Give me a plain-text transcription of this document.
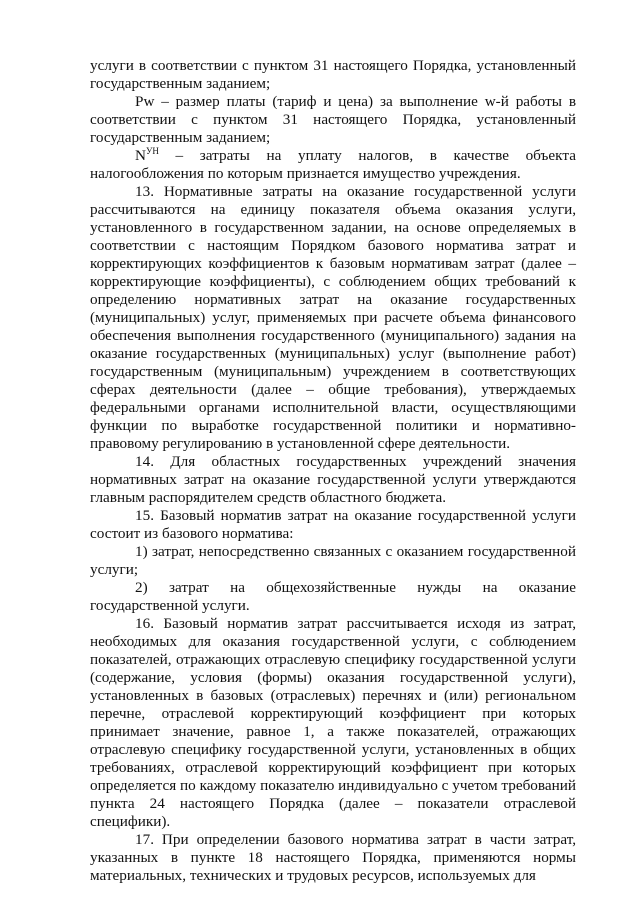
услуги в соответствии с пунктом 31 настоящего Порядка, установленный государственным заданием;

Pw – размер платы (тариф и цена) за выполнение w-й работы в соответствии с пунктом 31 настоящего Порядка, установленный государственным заданием;

$N^{УН}$ – затраты на уплату налогов, в качестве объекта налогообложения по которым признается имущество учреждения.

13. Нормативные затраты на оказание государственной услуги рассчитываются на единицу показателя объема оказания услуги, установленного в государственном задании, на основе определяемых в соответствии с настоящим Порядком базового норматива затрат и корректирующих коэффициентов к базовым нормативам затрат (далее – корректирующие коэффициенты), с соблюдением общих требований к определению нормативных затрат на оказание государственных (муниципальных) услуг, применяемых при расчете объема финансового обеспечения выполнения государственного (муниципального) задания на оказание государственных (муниципальных) услуг (выполнение работ) государственным (муниципальным) учреждением в соответствующих сферах деятельности (далее – общие требования), утверждаемых федеральными органами исполнительной власти, осуществляющими функции по выработке государственной политики и нормативно-правовому регулированию в установленной сфере деятельности.

14. Для областных государственных учреждений значения нормативных затрат на оказание государственной услуги утверждаются главным распорядителем средств областного бюджета.

15. Базовый норматив затрат на оказание государственной услуги состоит из базового норматива:

1) затрат, непосредственно связанных с оказанием государственной услуги;

2) затрат на общехозяйственные нужды на оказание государственной услуги.

16. Базовый норматив затрат рассчитывается исходя из затрат, необходимых для оказания государственной услуги, с соблюдением показателей, отражающих отраслевую специфику государственной услуги (содержание, условия (формы) оказания государственной услуги), установленных в базовых (отраслевых) перечнях и (или) региональном перечне, отраслевой корректирующий коэффициент при которых принимает значение, равное 1, а также показателей, отражающих отраслевую специфику государственной услуги, установленных в общих требованиях, отраслевой корректирующий коэффициент при которых определяется по каждому показателю индивидуально с учетом требований пункта 24 настоящего Порядка (далее – показатели отраслевой специфики).

17. При определении базового норматива затрат в части затрат, указанных в пункте 18 настоящего Порядка, применяются нормы материальных, технических и трудовых ресурсов, используемых для
